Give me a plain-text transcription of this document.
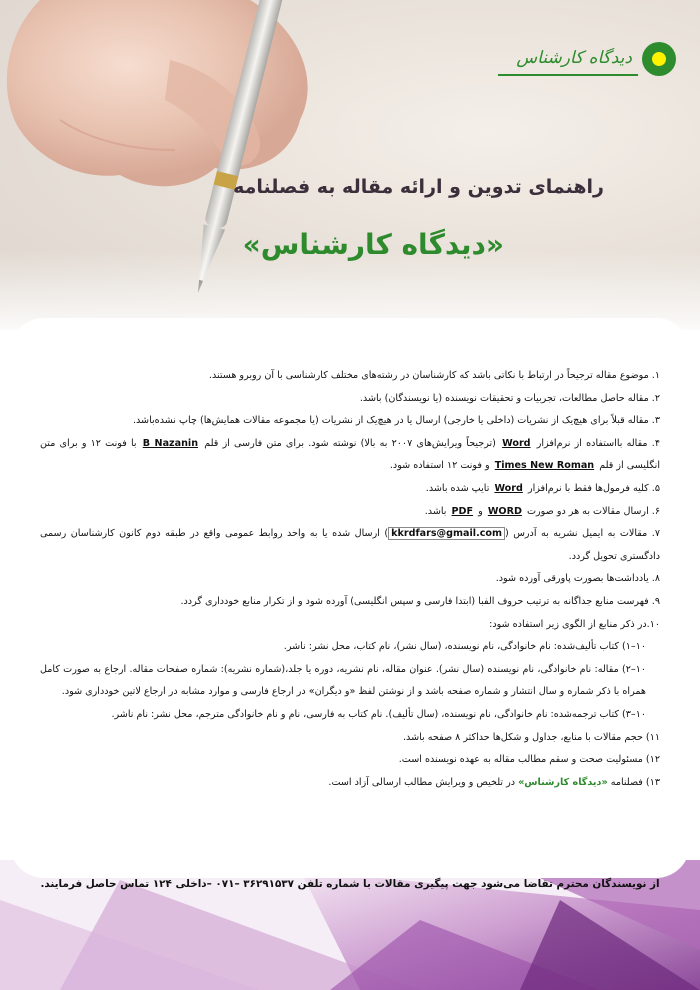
دیدگاه کارشناس
راهنمای تدوین و ارائه مقاله به فصلنامه
«دیدگاه کارشناس»

۱. موضوع مقاله ترجیحاً در ارتباط با نکاتی باشد که کارشناسان در رشته‌های مختلف کارشناسی با آن روبرو هستند.

۲. مقاله حاصل مطالعات، تجربیات و تحقیقات نویسنده (یا نویسندگان) باشد.

۳. مقاله قبلاً برای هیچ‌یک از نشریات (داخلی یا خارجی) ارسال یا در هیچ‌یک از نشریات (یا مجموعه مقالات همایش‌ها) چاپ نشده‌باشد.

۴. مقاله بااستفاده از نرم‌افزار Word (ترجیحاً ویرایش‌های ۲۰۰۷ به بالا) نوشته شود. برای متن فارسی از قلم B Nazanin با فونت ۱۲ و برای متن انگلیسی از قلم Times New Roman و فونت ۱۲ استفاده شود.

۵. کلیه فرمول‌ها فقط با نرم‌افزار Word تایپ شده باشد.

۶. ارسال مقالات به هر دو صورت WORD و PDF باشد.

۷. مقالات به ایمیل نشریه به آدرس (kkrdfars@gmail.com) ارسال شده یا به واحد روابط عمومی واقع در طبقه دوم کانون کارشناسان رسمی دادگستری تحویل گردد.

۸. یادداشت‌ها بصورت پاورقی آورده شود.

۹. فهرست منابع جداگانه به ترتیب حروف الفبا (ابتدا فارسی و سپس انگلیسی) آورده شود و از تکرار منابع خودداری گردد.

۱۰.در ذکر منابع از الگوی زیر استفاده شود:

۱۰–۱) کتاب تألیف‌شده: نام خانوادگی، نام نویسنده، (سال نشر)، نام کتاب، محل نشر: ناشر.

۱۰–۲) مقاله: نام خانوادگی، نام نویسنده (سال نشر). عنوان مقاله، نام نشریه، دوره یا جلد،(شماره نشریه): شماره صفحات مقاله. ارجاع به صورت کامل همراه با ذکر شماره و سال انتشار و شماره صفحه باشد و از نوشتن لفظ «و دیگران» در ارجاع فارسی و موارد مشابه در ارجاع لاتین خودداری شود.

۱۰–۳) کتاب ترجمه‌شده: نام خانوادگی، نام نویسنده، (سال تألیف). نام کتاب به فارسی، نام و نام خانوادگی مترجم، محل نشر: نام ناشر.

۱۱) حجم مقالات با منابع، جداول و شکل‌ها حداکثر ۸ صفحه باشد.

۱۲) مسئولیت صحت و سقم مطالب مقاله به عهده نویسنده است.

۱۳) فصلنامه «دیدگاه کارشناس» در تلخیص و ویرایش مطالب ارسالی آزاد است.

از نویسندگان محترم تقاضا می‌شود جهت پیگیری مقالات با شماره تلفن ۳۶۲۹۱۵۳۷ –۰۷۱ –داخلی ۱۲۴ تماس حاصل فرمایند.
